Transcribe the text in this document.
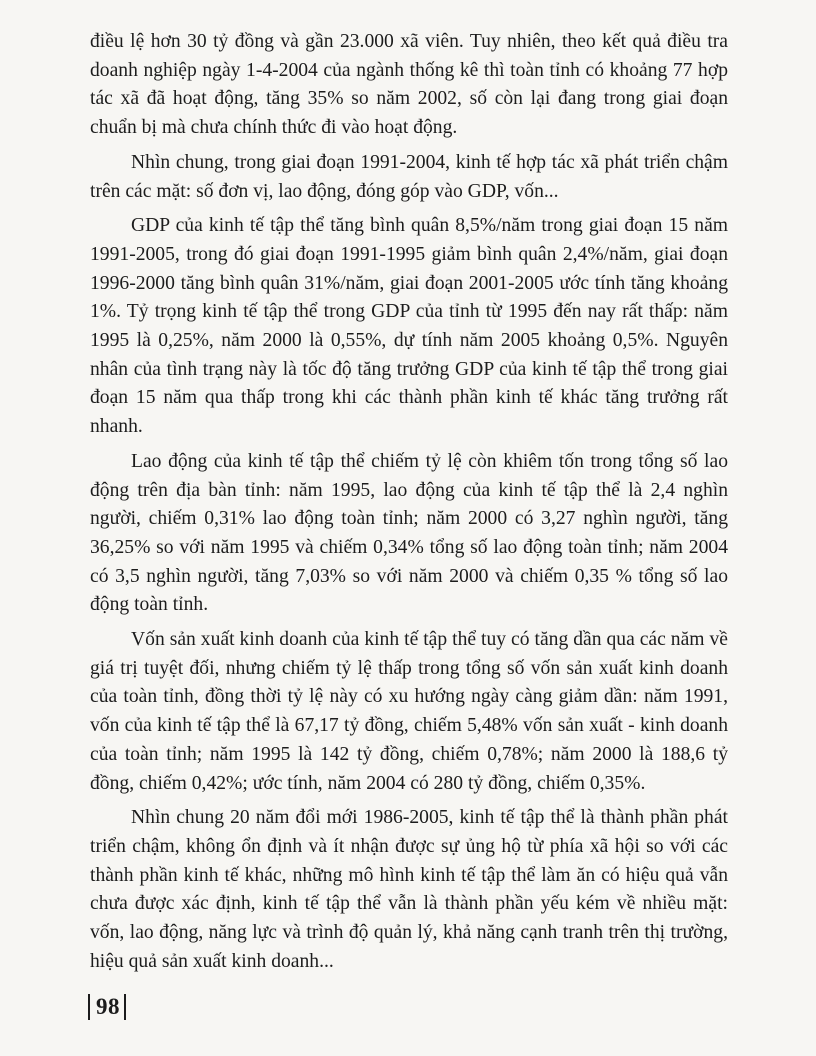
điều lệ hơn 30 tỷ đồng và gần 23.000 xã viên. Tuy nhiên, theo kết quả điều tra doanh nghiệp ngày 1-4-2004 của ngành thống kê thì toàn tỉnh có khoảng 77 hợp tác xã đã hoạt động, tăng 35% so năm 2002, số còn lại đang trong giai đoạn chuẩn bị mà chưa chính thức đi vào hoạt động.

Nhìn chung, trong giai đoạn 1991-2004, kinh tế hợp tác xã phát triển chậm trên các mặt: số đơn vị, lao động, đóng góp vào GDP, vốn...

GDP của kinh tế tập thể tăng bình quân 8,5%/năm trong giai đoạn 15 năm 1991-2005, trong đó giai đoạn 1991-1995 giảm bình quân 2,4%/năm, giai đoạn 1996-2000 tăng bình quân 31%/năm, giai đoạn 2001-2005 ước tính tăng khoảng 1%. Tỷ trọng kinh tế tập thể trong GDP của tỉnh từ 1995 đến nay rất thấp: năm 1995 là 0,25%, năm 2000 là 0,55%, dự tính năm 2005 khoảng 0,5%. Nguyên nhân của tình trạng này là tốc độ tăng trưởng GDP của kinh tế tập thể trong giai đoạn 15 năm qua thấp trong khi các thành phần kinh tế khác tăng trưởng rất nhanh.

Lao động của kinh tế tập thể chiếm tỷ lệ còn khiêm tốn trong tổng số lao động trên địa bàn tỉnh: năm 1995, lao động của kinh tế tập thể là 2,4 nghìn người, chiếm 0,31% lao động toàn tỉnh; năm 2000 có 3,27 nghìn người, tăng 36,25% so với năm 1995 và chiếm 0,34% tổng số lao động toàn tỉnh; năm 2004 có 3,5 nghìn người, tăng 7,03% so với năm 2000 và chiếm 0,35 % tổng số lao động toàn tỉnh.

Vốn sản xuất kinh doanh của kinh tế tập thể tuy có tăng dần qua các năm về giá trị tuyệt đối, nhưng chiếm tỷ lệ thấp trong tổng số vốn sản xuất kinh doanh của toàn tỉnh, đồng thời tỷ lệ này có xu hướng ngày càng giảm dần: năm 1991, vốn của kinh tế tập thể là 67,17 tỷ đồng, chiếm 5,48% vốn sản xuất - kinh doanh của toàn tỉnh; năm 1995 là 142 tỷ đồng, chiếm 0,78%; năm 2000 là 188,6 tỷ đồng, chiếm 0,42%; ước tính, năm 2004 có 280 tỷ đồng, chiếm 0,35%.

Nhìn chung 20 năm đổi mới 1986-2005, kinh tế tập thể là thành phần phát triển chậm, không ổn định và ít nhận được sự ủng hộ từ phía xã hội so với các thành phần kinh tế khác, những mô hình kinh tế tập thể làm ăn có hiệu quả vẫn chưa được xác định, kinh tế tập thể vẫn là thành phần yếu kém về nhiều mặt: vốn, lao động, năng lực và trình độ quản lý, khả năng cạnh tranh trên thị trường, hiệu quả sản xuất kinh doanh...

98
